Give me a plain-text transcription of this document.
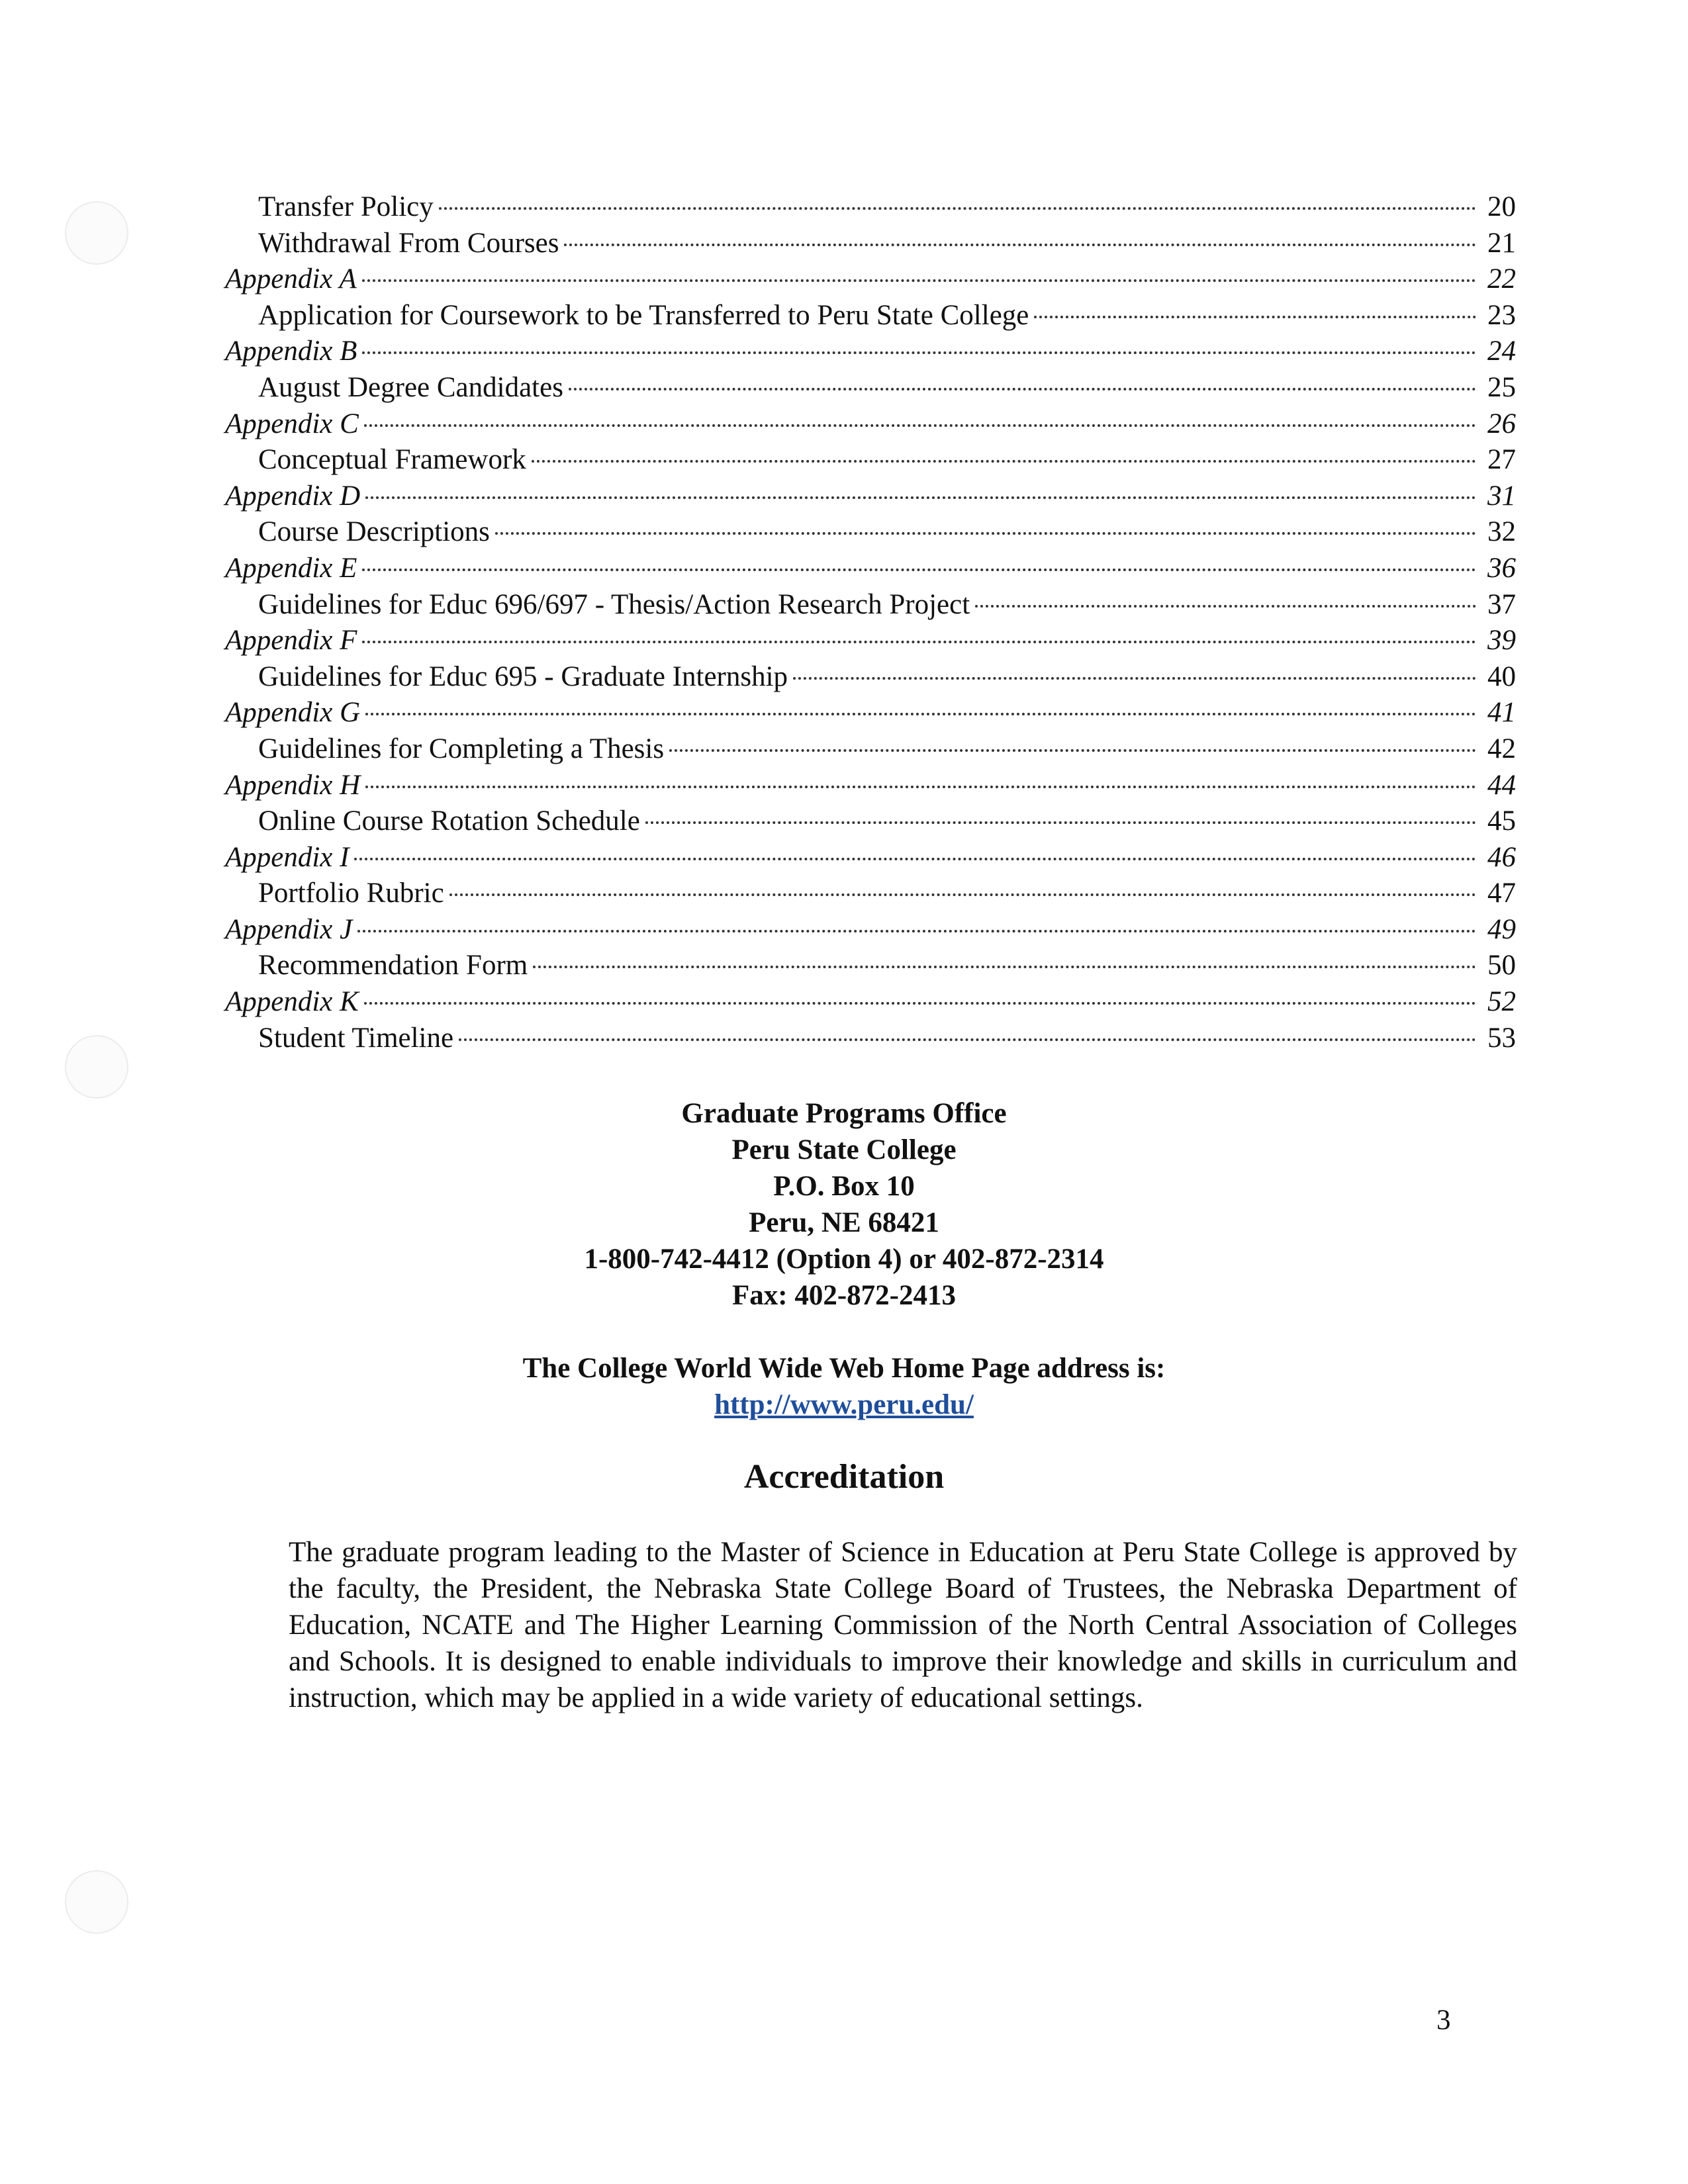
Transfer Policy	20
Withdrawal From Courses	21
Appendix A	22
Application for Coursework to be Transferred to Peru State College	23
Appendix B	24
August Degree Candidates	25
Appendix C	26
Conceptual Framework	27
Appendix D	31
Course Descriptions	32
Appendix E	36
Guidelines for Educ 696/697 - Thesis/Action Research Project	37
Appendix F	39
Guidelines for Educ 695 - Graduate Internship	40
Appendix G	41
Guidelines for Completing a Thesis	42
Appendix H	44
Online Course Rotation Schedule	45
Appendix I	46
Portfolio Rubric	47
Appendix J	49
Recommendation Form	50
Appendix K	52
Student Timeline	53
Graduate Programs Office
Peru State College
P.O. Box 10
Peru, NE 68421
1-800-742-4412 (Option 4) or 402-872-2314
Fax: 402-872-2413
The College World Wide Web Home Page address is:
http://www.peru.edu/
Accreditation

The graduate program leading to the Master of Science in Education at Peru State College is approved by the faculty, the President, the Nebraska State College Board of Trustees, the Nebraska Department of Education, NCATE and The Higher Learning Commission of the North Central Association of Colleges and Schools. It is designed to enable individuals to improve their knowledge and skills in curriculum and instruction, which may be applied in a wide variety of educational settings.

3
